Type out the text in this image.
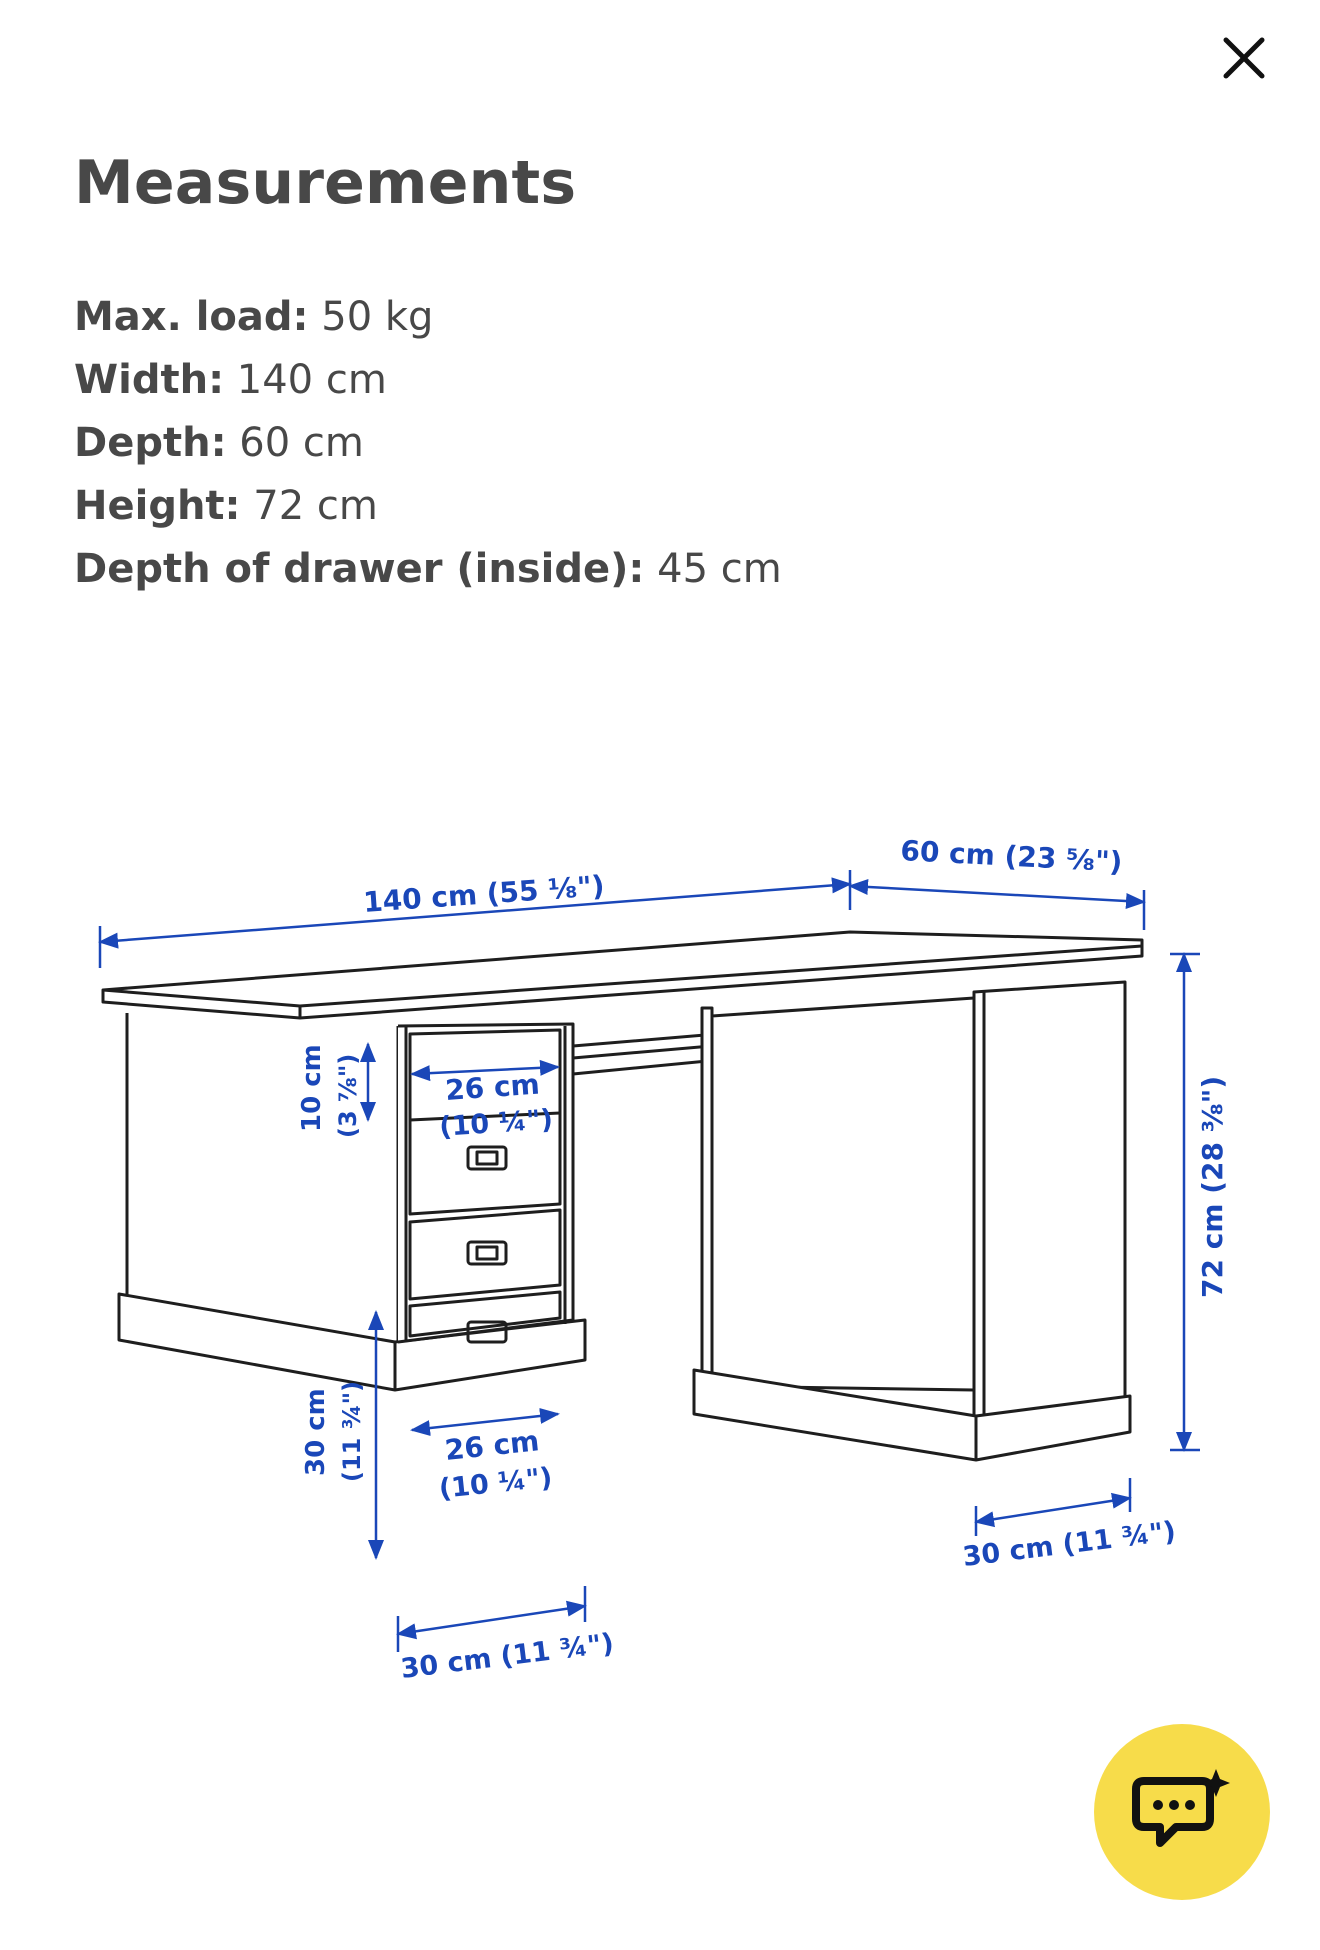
Measurements
Max. load: 50 kg
Width: 140 cm
Depth: 60 cm
Height: 72 cm
Depth of drawer (inside): 45 cm
140 cm (55 ⅛")
60 cm (23 ⅝")
72 cm (28 ⅜")
10 cm (3 ⅞")	26 cm
(10 ¼")
30 cm (11 ¾")	26 cm
(10 ¼")
30 cm (11 ¾")
30 cm (11 ¾")
